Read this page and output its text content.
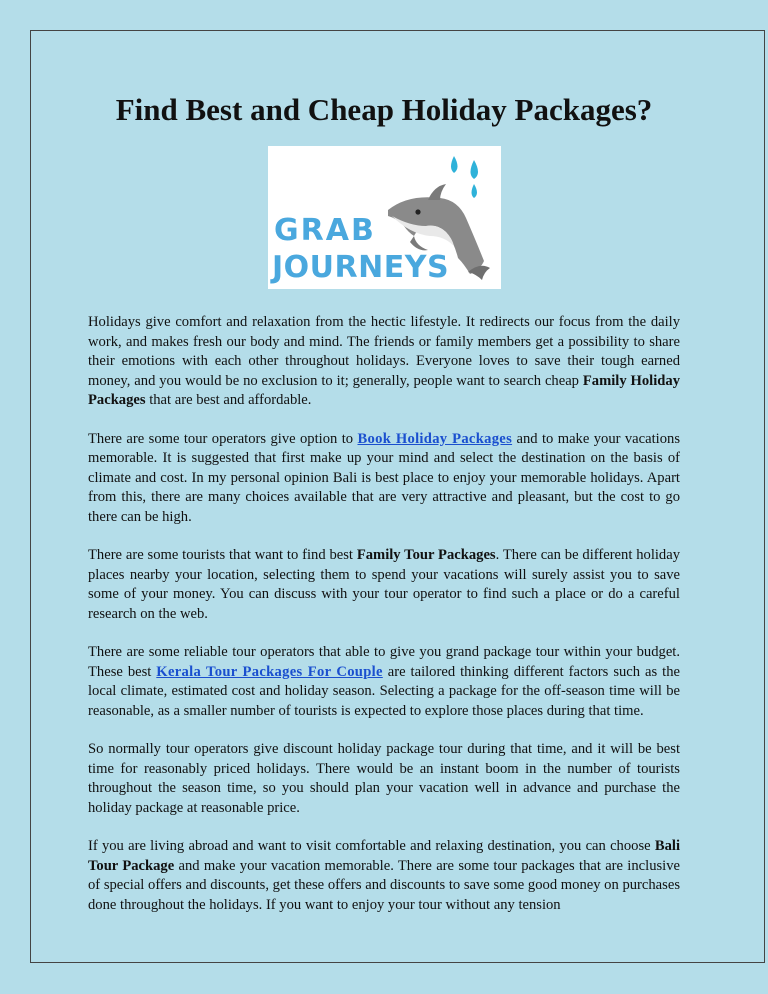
Find Best and Cheap Holiday Packages?
GRAB
JOURNEYS

Holidays give comfort and relaxation from the hectic lifestyle. It redirects our focus from the daily work, and makes fresh our body and mind. The friends or family members get a possibility to share their emotions with each other throughout holidays. Everyone loves to save their tough earned money, and you would be no exclusion to it; generally, people want to search cheap Family Holiday Packages that are best and affordable.

There are some tour operators give option to Book Holiday Packages and to make your vacations memorable. It is suggested that first make up your mind and select the destination on the basis of climate and cost. In my personal opinion Bali is best place to enjoy your memorable holidays. Apart from this, there are many choices available that are very attractive and pleasant, but the cost to go there can be high.

There are some tourists that want to find best Family Tour Packages. There can be different holiday places nearby your location, selecting them to spend your vacations will surely assist you to save some of your money. You can discuss with your tour operator to find such a place or do a careful research on the web.

There are some reliable tour operators that able to give you grand package tour within your budget. These best Kerala Tour Packages For Couple are tailored thinking different factors such as the local climate, estimated cost and holiday season. Selecting a package for the off-season time will be reasonable, as a smaller number of tourists is expected to explore those places during that time.

So normally tour operators give discount holiday package tour during that time, and it will be best time for reasonably priced holidays. There would be an instant boom in the number of tourists throughout the season time, so you should plan your vacation well in advance and purchase the holiday package at reasonable price.

If you are living abroad and want to visit comfortable and relaxing destination, you can choose Bali Tour Package and make your vacation memorable. There are some tour packages that are inclusive of special offers and discounts, get these offers and discounts to save some good money on purchases done throughout the holidays. If you want to enjoy your tour without any tension
